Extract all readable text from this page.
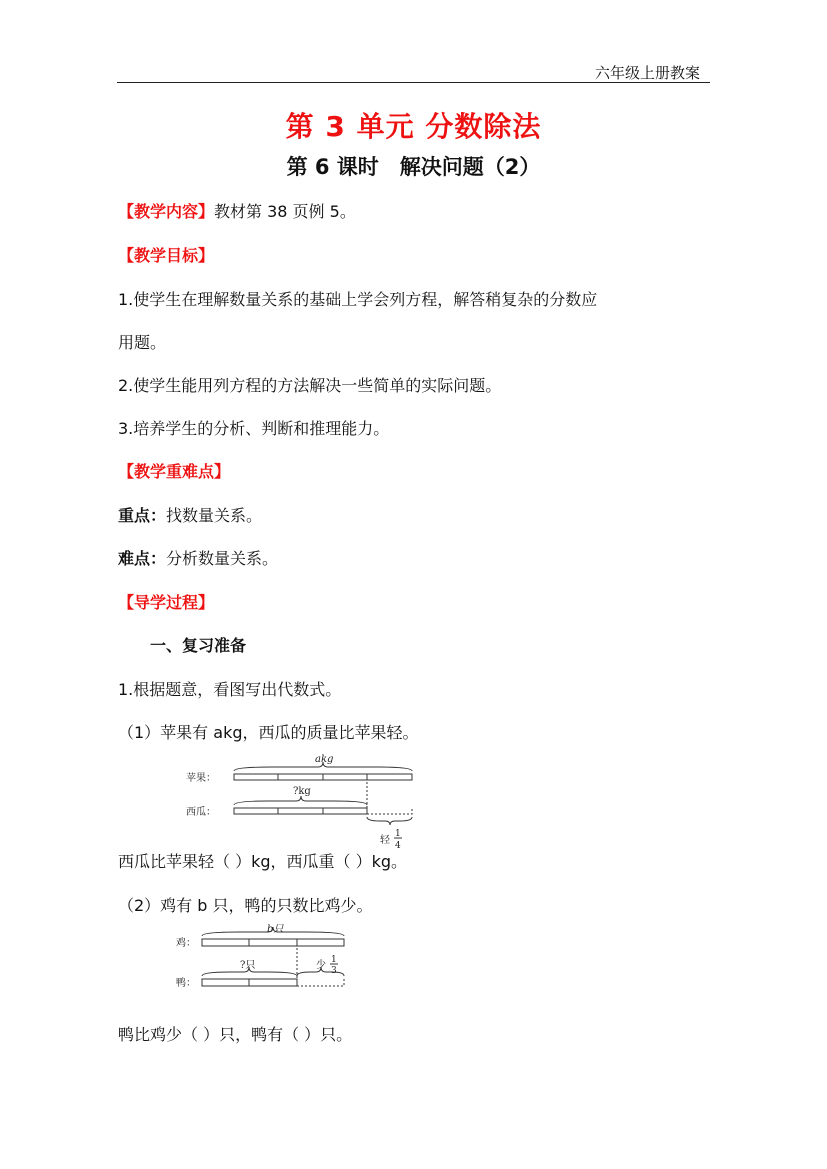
六年级上册教案
第 3 单元 分数除法
第 6 课时　解决问题（2）
【教学内容】教材第 38 页例 5。
【教学目标】
1.使学生在理解数量关系的基础上学会列方程，解答稍复杂的分数应
用题。
2.使学生能用列方程的方法解决一些简单的实际问题。
3.培养学生的分析、判断和推理能力。
【教学重难点】
重点：找数量关系。
难点：分析数量关系。
【导学过程】
一、复习准备
1.根据题意，看图写出代数式。
（1）苹果有 akg，西瓜的质量比苹果轻。
苹果：
西瓜：
akg
?kg
轻
1
4
西瓜比苹果轻（ ）kg，西瓜重（ ）kg。
（2）鸡有 b 只，鸭的只数比鸡少。
鸡：
鸭：
b只
?只	少 1
3
鸭比鸡少（ ）只，鸭有（ ）只。
